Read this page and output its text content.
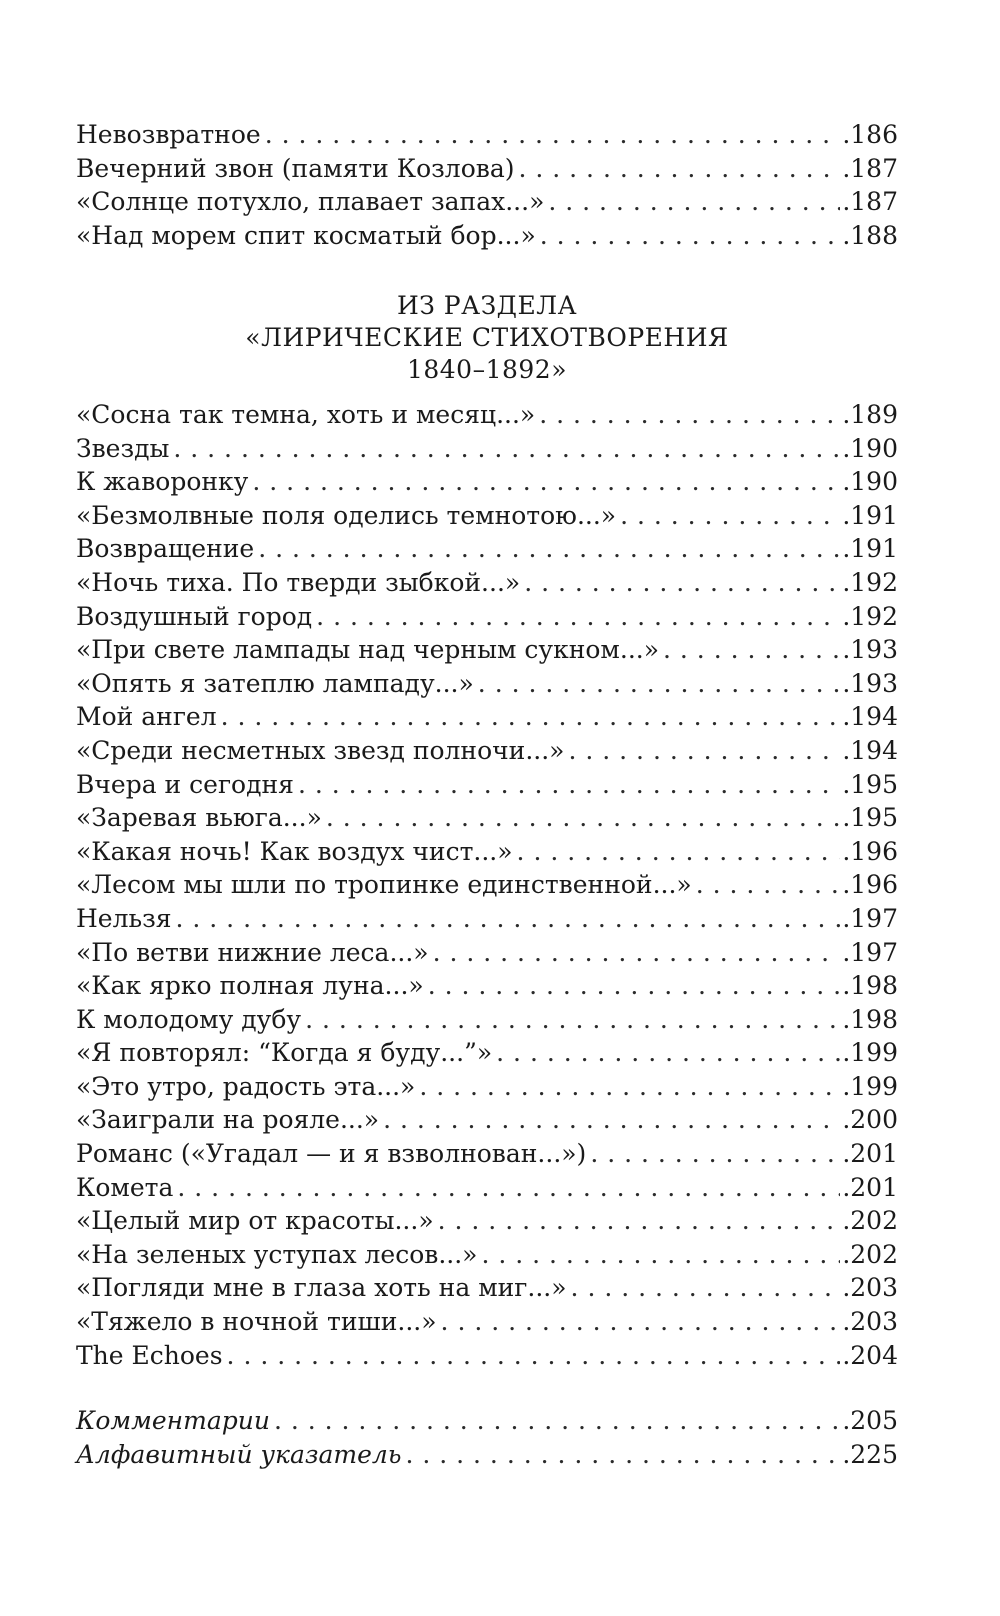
Невозвратное . . .	.186
Вечерний звон (памяти Козлова) . . .	.187
«Солнце потухло, плавает запах...» . . .	.187
«Над морем спит косматый бор...» . . .	.188
ИЗ РАЗДЕЛА
«ЛИРИЧЕСКИЕ СТИХОТВОРЕНИЯ
1840–1892»
«Сосна так темна, хоть и месяц...» . . .	.189
Звезды . . .	.190
К жаворонку . . .	.190
«Безмолвные поля оделись темнотою...» . . .	.191
Возвращение . . .	.191
«Ночь тиха. По тверди зыбкой...» . . .	.192
Воздушный город . . .	.192
«При свете лампады над черным сукном...» . . .	.193
«Опять я затеплю лампаду...» . . .	.193
Мой ангел . . .	.194
«Среди несметных звезд полночи...» . . .	.194
Вчера и сегодня . . .	.195
«Заревая вьюга...» . . .	.195
«Какая ночь! Как воздух чист...» . . .	.196
«Лесом мы шли по тропинке единственной...» . . .	.196
Нельзя . . .	.197
«По ветви нижние леса...» . . .	.197
«Как ярко полная луна...» . . .	.198
К молодому дубу . . .	.198
«Я повторял: “Когда я буду...”» . . .	.199
«Это утро, радость эта...» . . .	.199
«Заиграли на рояле...» . . .	.200
Романс («Угадал — и я взволнован...») . . .	.201
Комета . . .	.201
«Целый мир от красоты...» . . .	.202
«На зеленых уступах лесов...» . . .	.202
«Погляди мне в глаза хоть на миг...» . . .	.203
«Тяжело в ночной тиши...» . . .	.203
The Echoes . . .	.204
Комментарии . . .	.205
Алфавитный указатель . . .	.225
